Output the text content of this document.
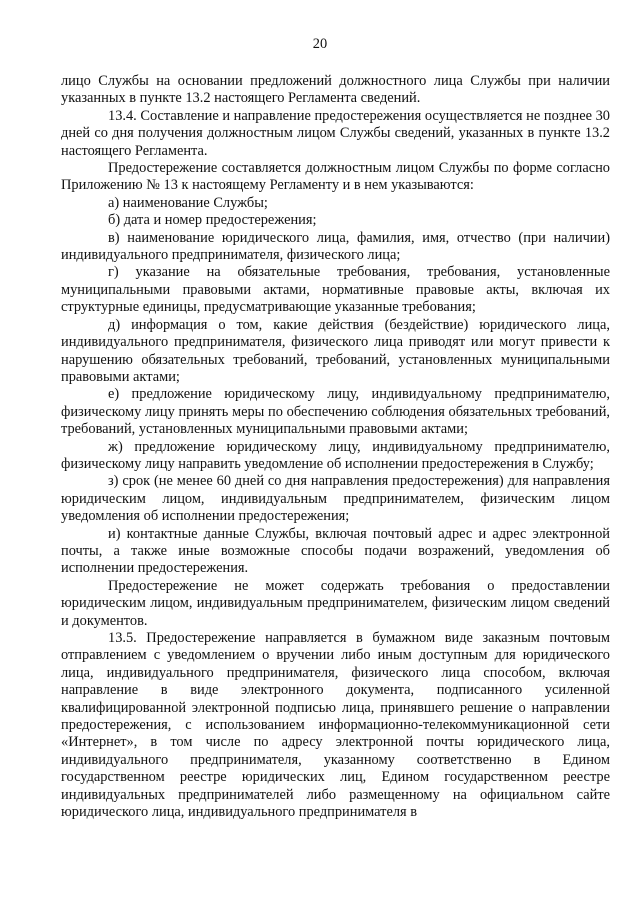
20

лицо Службы на основании предложений должностного лица Службы при наличии указанных в пункте 13.2 настоящего Регламента сведений.

13.4. Составление и направление предостережения осуществляется не позднее 30 дней со дня получения должностным лицом Службы сведений, указанных в пункте 13.2 настоящего Регламента.

Предостережение составляется должностным лицом Службы по форме согласно Приложению № 13 к настоящему Регламенту и в нем указываются:

а) наименование Службы;

б) дата и номер предостережения;

в) наименование юридического лица, фамилия, имя, отчество (при наличии) индивидуального предпринимателя, физического лица;

г) указание на обязательные требования, требования, установленные муниципальными правовыми актами, нормативные правовые акты, включая их структурные единицы, предусматривающие указанные требования;

д) информация о том, какие действия (бездействие) юридического лица, индивидуального предпринимателя, физического лица приводят или могут привести к нарушению обязательных требований, требований, установленных муниципальными правовыми актами;

е) предложение юридическому лицу, индивидуальному предпринимателю, физическому лицу принять меры по обеспечению соблюдения обязательных требований, требований, установленных муниципальными правовыми актами;

ж) предложение юридическому лицу, индивидуальному предпринимателю, физическому лицу направить уведомление об исполнении предостережения в Службу;

з) срок (не менее 60 дней со дня направления предостережения) для направления юридическим лицом, индивидуальным предпринимателем, физическим лицом уведомления об исполнении предостережения;

и) контактные данные Службы, включая почтовый адрес и адрес электронной почты, а также иные возможные способы подачи возражений, уведомления об исполнении предостережения.

Предостережение не может содержать требования о предоставлении юридическим лицом, индивидуальным предпринимателем, физическим лицом сведений и документов.

13.5. Предостережение направляется в бумажном виде заказным почтовым отправлением с уведомлением о вручении либо иным доступным для юридического лица, индивидуального предпринимателя, физического лица способом, включая направление в виде электронного документа, подписанного усиленной квалифицированной электронной подписью лица, принявшего решение о направлении предостережения, с использованием информационно-телекоммуникационной сети «Интернет», в том числе по адресу электронной почты юридического лица, индивидуального предпринимателя, указанному соответственно в Едином государственном реестре юридических лиц, Едином государственном реестре индивидуальных предпринимателей либо размещенному на официальном сайте юридического лица, индивидуального предпринимателя в
